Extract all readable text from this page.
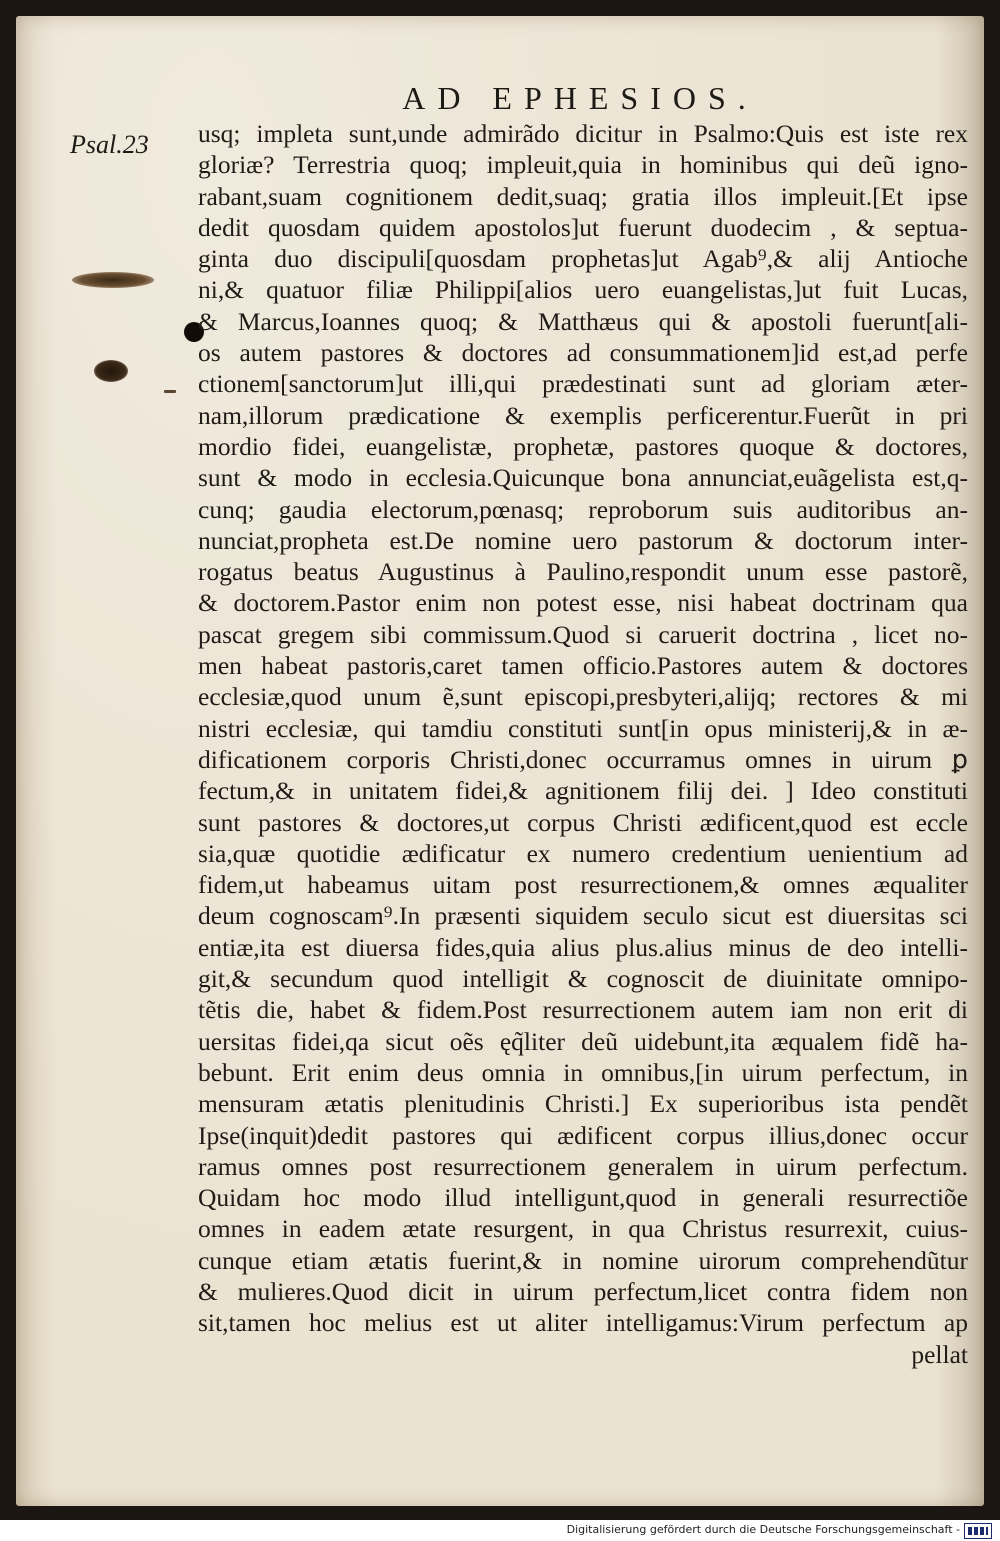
AD EPHESIOS.
Psal.23 usq; impleta sunt,unde admirãdo dicitur in Psalmo:Quis est iste rex
gloriæ? Terrestria quoq; impleuit,quia in hominibus qui deũ igno-
rabant,suam cognitionem dedit,suaq; gratia illos impleuit.[Et ipse
dedit quosdam quidem apostolos]ut fuerunt duodecim , & septua-
ginta duo discipuli[quosdam prophetas]ut Agab⁹,& alij Antioche
ni,& quatuor filiæ Philippi[alios uero euangelistas,]ut fuit Lucas,
& Marcus,Ioannes quoq; & Matthæus qui & apostoli fuerunt[ali-
os autem pastores & doctores ad consummationem]id est,ad perfe
ctionem[sanctorum]ut illi,qui prædestinati sunt ad gloriam æter-
nam,illorum prædicatione & exemplis perficerentur.Fuerũt in pri
mordio fidei, euangelistæ, prophetæ, pastores quoque & doctores,
sunt & modo in ecclesia.Quicunque bona annunciat,euãgelista est,q-
cunq; gaudia electorum,pœnasq; reproborum suis auditoribus an-
nunciat,propheta est.De nomine uero pastorum & doctorum inter-
rogatus beatus Augustinus à Paulino,respondit unum esse pastorẽ,
& doctorem.Pastor enim non potest esse, nisi habeat doctrinam qua
pascat gregem sibi commissum.Quod si caruerit doctrina , licet no-
men habeat pastoris,caret tamen officio.Pastores autem & doctores
ecclesiæ,quod unum ẽ,sunt episcopi,presbyteri,alijq; rectores & mi
nistri ecclesiæ, qui tamdiu constituti sunt[in opus ministerij,& in æ-
dificationem corporis Christi,donec occurramus omnes in uirum ꝑ
fectum,& in unitatem fidei,& agnitionem filij dei. ] Ideo constituti
sunt pastores & doctores,ut corpus Christi ædificent,quod est eccle
sia,quæ quotidie ædificatur ex numero credentium uenientium ad
fidem,ut habeamus uitam post resurrectionem,& omnes æqualiter
deum cognoscam⁹.In præsenti siquidem seculo sicut est diuersitas sci
entiæ,ita est diuersa fides,quia alius plus.alius minus de deo intelli-
git,& secundum quod intelligit & cognoscit de diuinitate omnipo-
tẽtis die, habet & fidem.Post resurrectionem autem iam non erit di
uersitas fidei,qa sicut oẽs ęq̃liter deũ uidebunt,ita æqualem fidẽ ha-
bebunt. Erit enim deus omnia in omnibus,[in uirum perfectum, in
mensuram ætatis plenitudinis Christi.] Ex superioribus ista pendẽt
Ipse(inquit)dedit pastores qui ædificent corpus illius,donec occur
ramus omnes post resurrectionem generalem in uirum perfectum.
Quidam hoc modo illud intelligunt,quod in generali resurrectiõe
omnes in eadem ætate resurgent, in qua Christus resurrexit, cuius-
cunque etiam ætatis fuerint,& in nomine uirorum comprehendũtur
& mulieres.Quod dicit in uirum perfectum,licet contra fidem non
sit,tamen hoc melius est ut aliter intelligamus:Virum perfectum ap
pellat
Digitalisierung gefördert durch die Deutsche Forschungsgemeinschaft -
